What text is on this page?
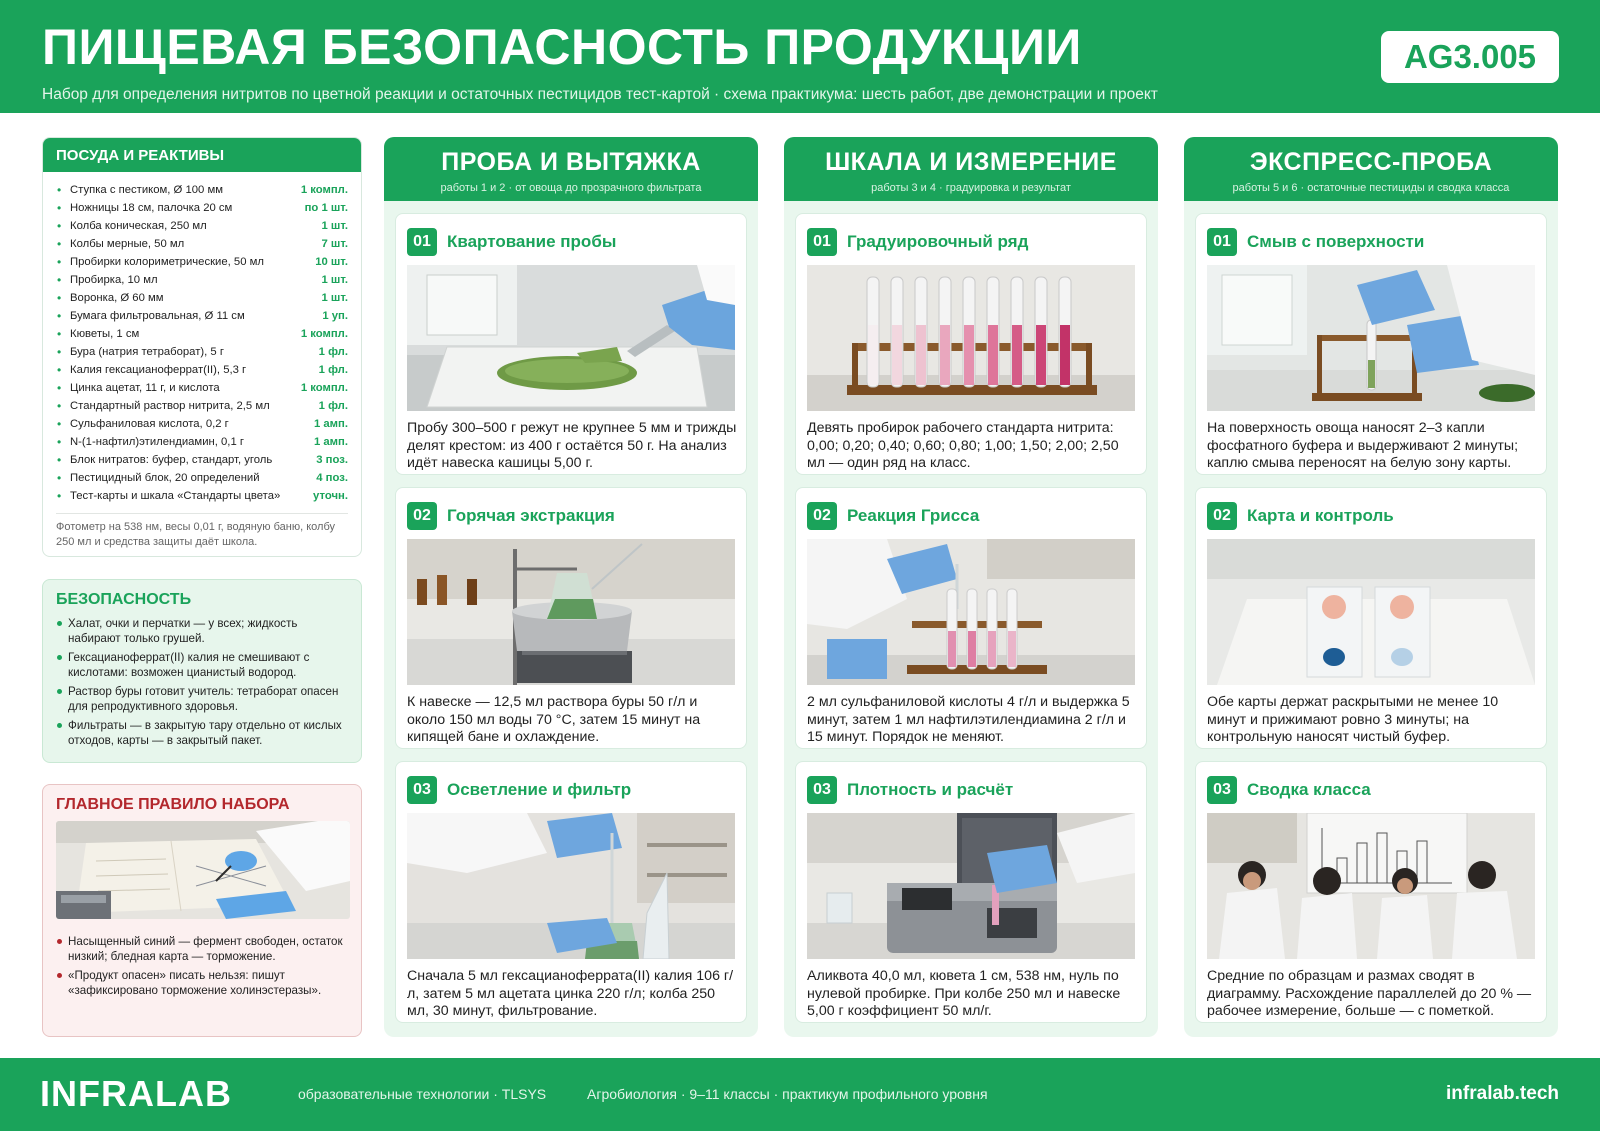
ПИЩЕВАЯ БЕЗОПАСНОСТЬ ПРОДУКЦИИ
Набор для определения нитритов по цветной реакции и остаточных пестицидов тест-картой · схема практикума: шесть работ, две демонстрации и проект
AG3.005
ПОСУДА И РЕАКТИВЫ
• Ступка с пестиком, Ø 100 мм	1 компл.
• Ножницы 18 см, палочка 20 см	по 1 шт.
• Колба коническая, 250 мл	1 шт.
• Колбы мерные, 50 мл	7 шт.
• Пробирки колориметрические, 50 мл	10 шт.
• Пробирка, 10 мл	1 шт.
• Воронка, Ø 60 мм	1 шт.
• Бумага фильтровальная, Ø 11 см	1 уп.
• Кюветы, 1 см	1 компл.
• Бура (натрия тетраборат), 5 г	1 фл.
• Калия гексацианоферрат(II), 5,3 г	1 фл.
• Цинка ацетат, 11 г, и кислота	1 компл.
• Стандартный раствор нитрита, 2,5 мл	1 фл.
• Сульфаниловая кислота, 0,2 г	1 амп.
• N-(1-нафтил)этилендиамин, 0,1 г	1 амп.
• Блок нитратов: буфер, стандарт, уголь	3 поз.
• Пестицидный блок, 20 определений	4 поз.
• Тест-карты и шкала «Стандарты цвета»	уточн.
Фотометр на 538 нм, весы 0,01 г, водяную баню, колбу 250 мл и средства защиты даёт школа.
БЕЗОПАСНОСТЬ
Халат, очки и перчатки — у всех; жидкость набирают только грушей.
Гексацианоферрат(II) калия не смешивают с кислотами: возможен цианистый водород.
Раствор буры готовит учитель: тетраборат опасен для репродуктивного здоровья.
Фильтраты — в закрытую тару отдельно от кислых отходов, карты — в закрытый пакет.
ГЛАВНОЕ ПРАВИЛО НАБОРА
Насыщенный синий — фермент свободен, остаток низкий; бледная карта — торможение.
«Продукт опасен» писать нельзя: пишут «зафиксировано торможение холинэстеразы».
ПРОБА И ВЫТЯЖКА
работы 1 и 2 · от овоща до прозрачного фильтрата
01 Квартование пробы
Пробу 300–500 г режут не крупнее 5 мм и трижды делят крестом: из 400 г остаётся 50 г. На анализ идёт навеска кашицы 5,00 г.
02 Горячая экстракция
К навеске — 12,5 мл раствора буры 50 г/л и около 150 мл воды 70 °С, затем 15 минут на кипящей бане и охлаждение.
03 Осветление и фильтр
Сначала 5 мл гексацианоферрата(II) калия 106 г/л, затем 5 мл ацетата цинка 220 г/л; колба 250 мл, 30 минут, фильтрование.
ШКАЛА И ИЗМЕРЕНИЕ
работы 3 и 4 · градуировка и результат
01 Градуировочный ряд
Девять пробирок рабочего стандарта нитрита: 0,00; 0,20; 0,40; 0,60; 0,80; 1,00; 1,50; 2,00; 2,50 мл — один ряд на класс.
02 Реакция Грисса
2 мл сульфаниловой кислоты 4 г/л и выдержка 5 минут, затем 1 мл нафтилэтилендиамина 2 г/л и 15 минут. Порядок не меняют.
03 Плотность и расчёт
Аликвота 40,0 мл, кювета 1 см, 538 нм, нуль по нулевой пробирке. При колбе 250 мл и навеске 5,00 г коэффициент 50 мл/г.
ЭКСПРЕСС-ПРОБА
работы 5 и 6 · остаточные пестициды и сводка класса
01 Смыв с поверхности
На поверхность овоща наносят 2–3 капли фосфатного буфера и выдерживают 2 минуты; каплю смыва переносят на белую зону карты.
02 Карта и контроль
Обе карты держат раскрытыми не менее 10 минут и прижимают ровно 3 минуты; на контрольную наносят чистый буфер.
03 Сводка класса
Средние по образцам и размах сводят в диаграмму. Расхождение параллелей до 20 % — рабочее измерение, больше — с пометкой.
INFRALAB	образовательные технологии · TLSYS	Агробиология · 9–11 классы · практикум профильного уровня	infralab.tech
